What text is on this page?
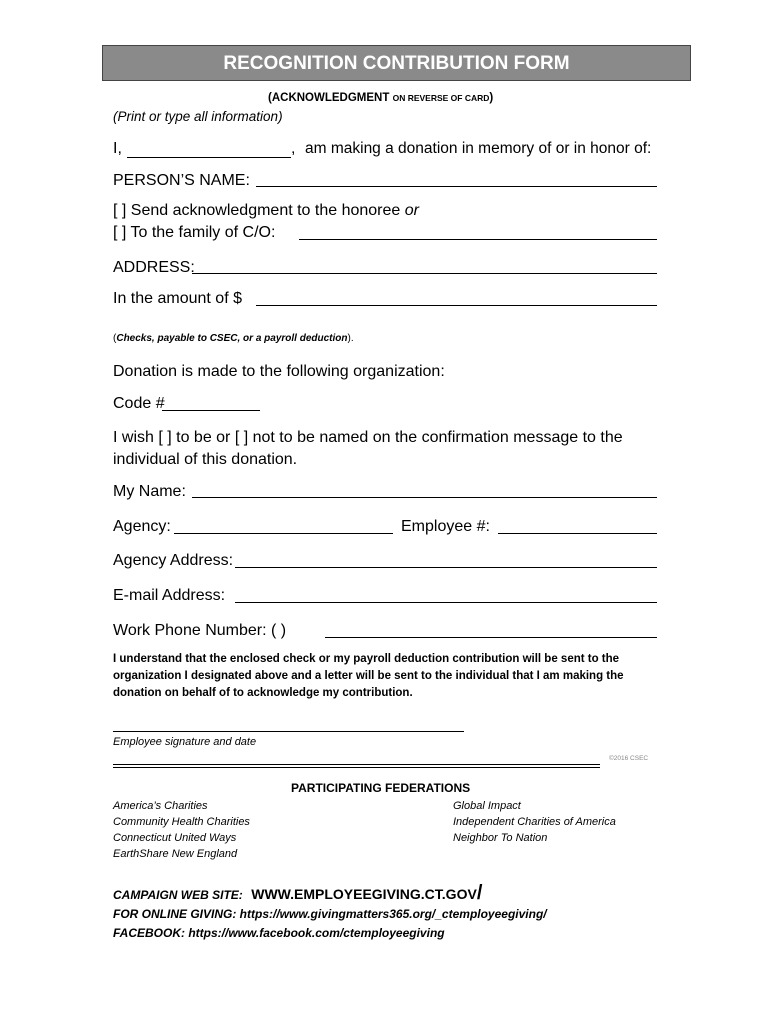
RECOGNITION CONTRIBUTION FORM
(ACKNOWLEDGMENT ON REVERSE OF CARD)
(Print or type all information)
I,	, am making a donation in memory of or in honor of:
PERSON’S NAME:
[ ] Send acknowledgment to the honoree or
[ ] To the family of C/O:
ADDRESS:
In the amount of $
(Checks, payable to CSEC, or a payroll deduction).
Donation is made to the following organization:
Code #
I wish [ ] to be or [ ] not to be named on the confirmation message to the
individual of this donation.
My Name:
Agency:	Employee #:
Agency Address:
E-mail Address:
Work Phone Number: ( )
I understand that the enclosed check or my payroll deduction contribution will be sent to the organization I designated above and a letter will be sent to the individual that I am making the donation on behalf of to acknowledge my contribution.
Employee signature and date
©2016 CSEC
PARTICIPATING FEDERATIONS
America’s Charities
Community Health Charities
Connecticut United Ways
EarthShare New England
Global Impact
Independent Charities of America
Neighbor To Nation
CAMPAIGN WEB SITE: WWW.EMPLOYEEGIVING.CT.GOV/
FOR ONLINE GIVING: https://www.givingmatters365.org/_ctemployeegiving/
FACEBOOK: https://www.facebook.com/ctemployeegiving
